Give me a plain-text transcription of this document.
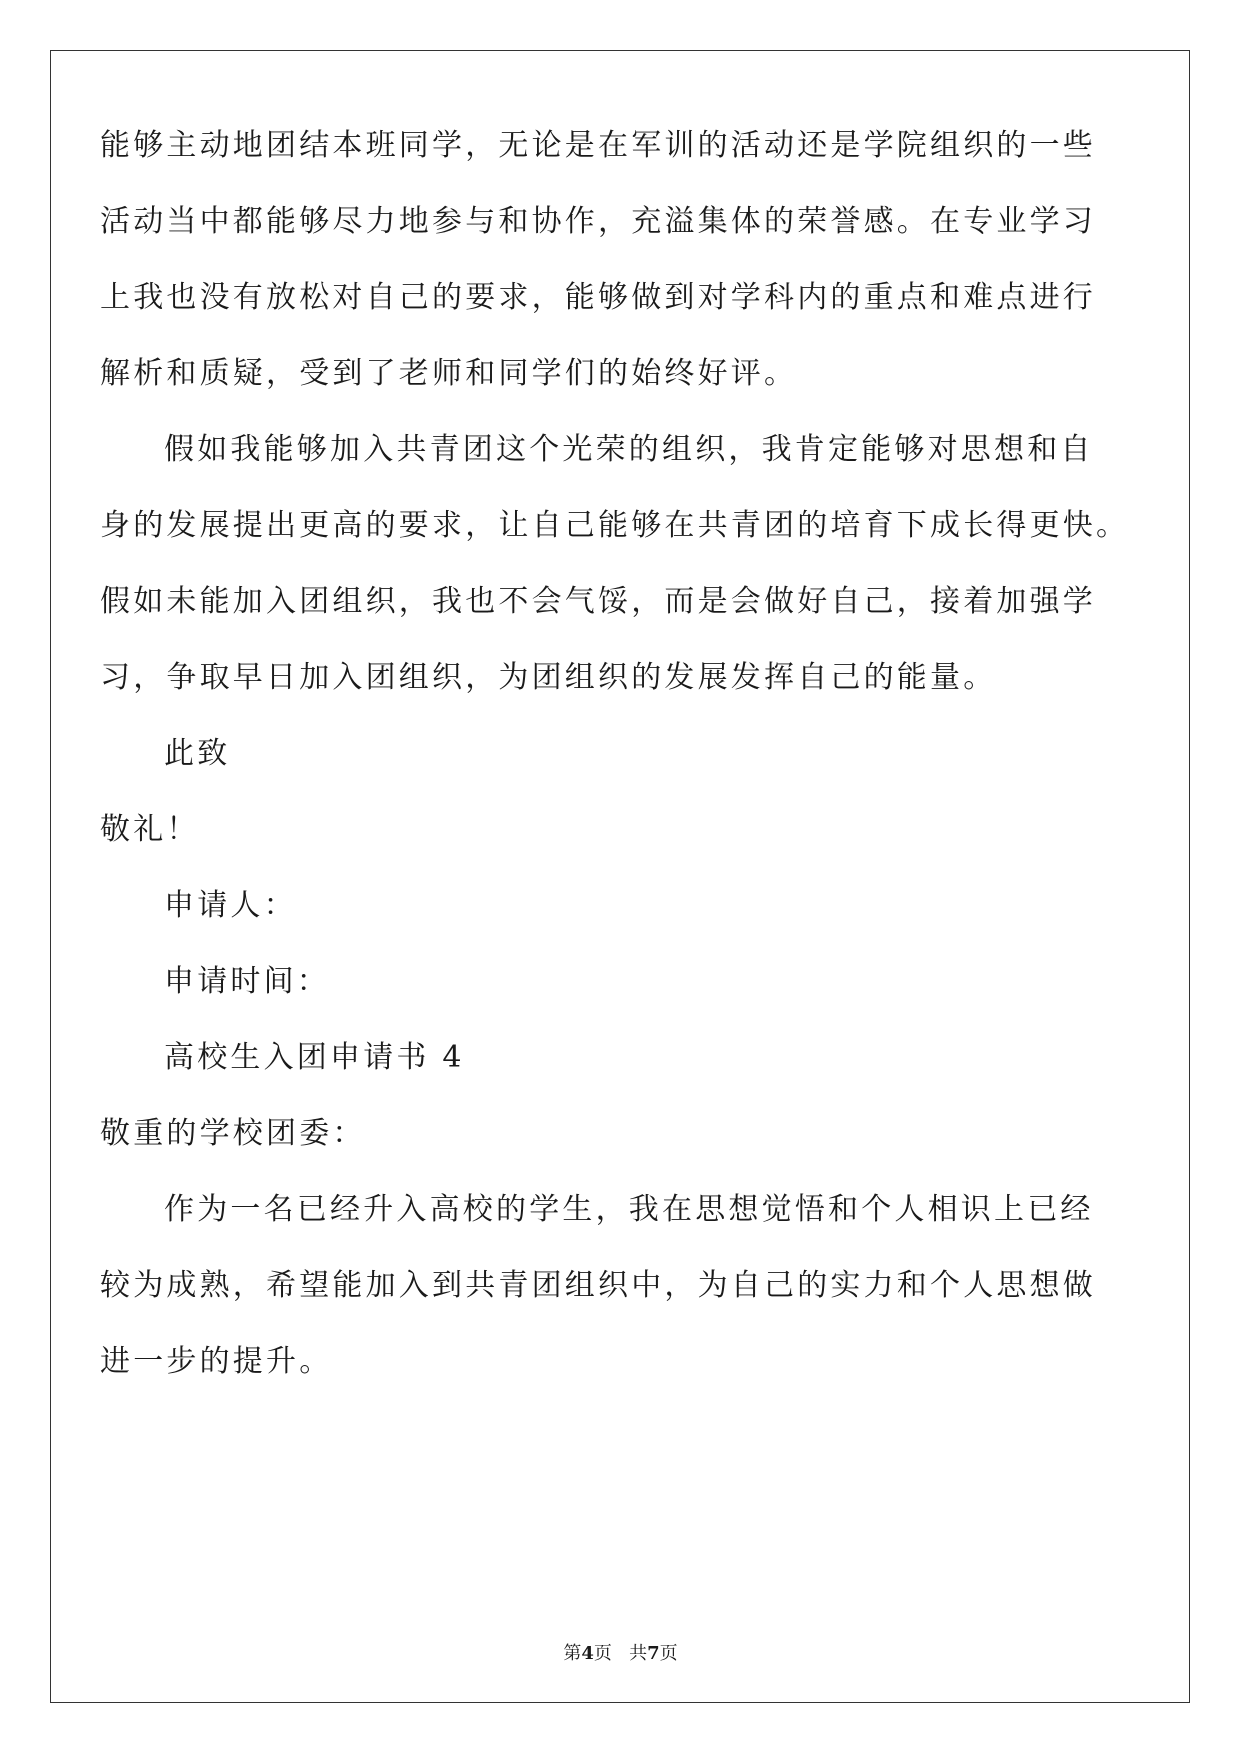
能够主动地团结本班同学，无论是在军训的活动还是学院组织的一些
活动当中都能够尽力地参与和协作，充溢集体的荣誉感。在专业学习
上我也没有放松对自己的要求，能够做到对学科内的重点和难点进行
解析和质疑，受到了老师和同学们的始终好评。
假如我能够加入共青团这个光荣的组织，我肯定能够对思想和自
身的发展提出更高的要求，让自己能够在共青团的培育下成长得更快。
假如未能加入团组织，我也不会气馁，而是会做好自己，接着加强学
习，争取早日加入团组织，为团组织的发展发挥自己的能量。
此致
敬礼！
申请人：
申请时间：
高校生入团申请书 4
敬重的学校团委：
作为一名已经升入高校的学生，我在思想觉悟和个人相识上已经
较为成熟，希望能加入到共青团组织中，为自己的实力和个人思想做
进一步的提升。
第4页 共7页
